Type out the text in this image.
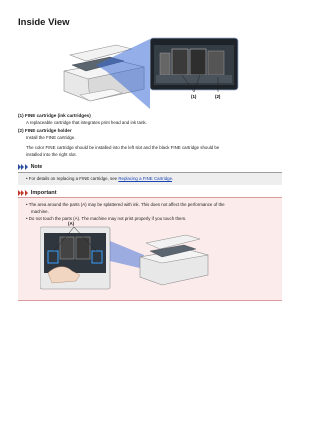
Inside View
(1)	(2)
(1) FINE cartridge (ink cartridges)
A replaceable cartridge that integrates print head and ink tank.
(2) FINE cartridge holder
Install the FINE cartridge.
The color FINE cartridge should be installed into the left slot and the black FINE cartridge should be
installed into the right slot.
Note
• For details on replacing a FINE cartridge, see Replacing a FINE Cartridge.
Important
• The area around the parts (A) may be splattered with ink. This does not affect the performance of the
machine.
• Do not touch the parts (A). The machine may not print properly if you touch them.
(A)
